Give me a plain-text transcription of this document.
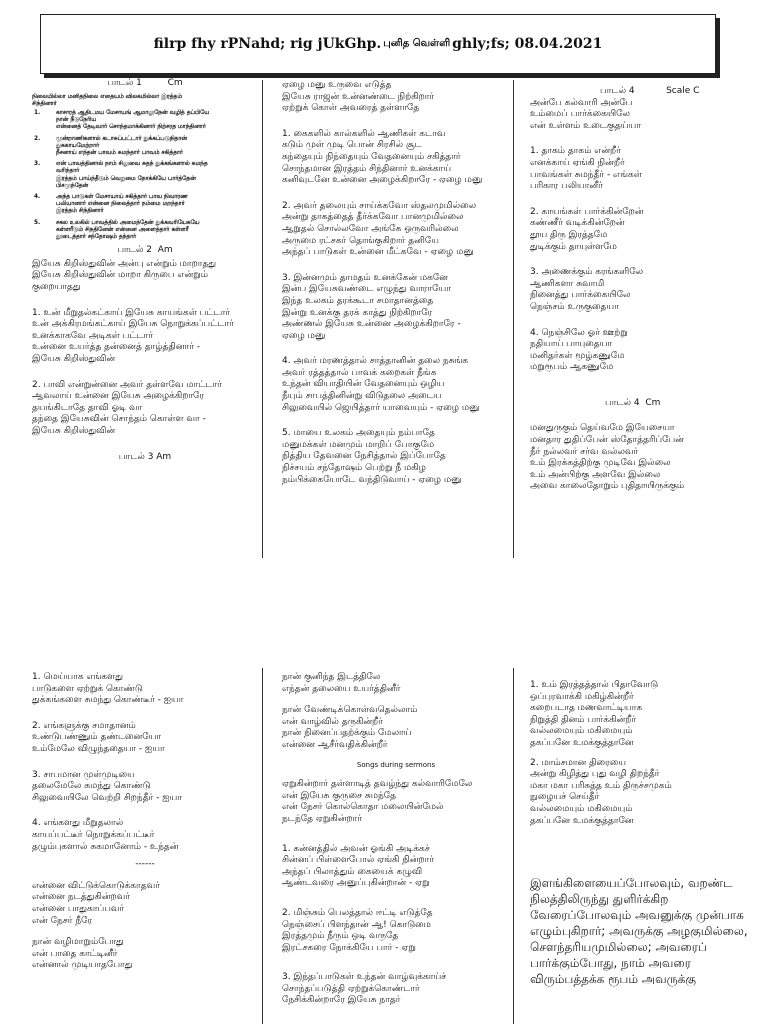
filrp fhy rPNahd; rig jUkGhp. புனித வெள்ளி ghly;fs; 08.04.2021
பாடல் 1         Cm
நிலையில்லா மனிதநிலை எதையம் விலகமில்லா இரத்தம்
சிந்தினார்
1.	காசாரத் ஆதிடமய மேசாயங் ஆமாலுநேன் வழித் தப்பியே
நான் நீடுநேரிய
என்னைத் தேடிவார் சொந்தமாக்கினார் நிற்சரத மாந்தினார்
2.	மூன்றாணிகளால் கடாசுப்பட்டார் துக்கப்படுநிதான்
துககாயமேற்றார்
நீசனாய் எந்தன் பாவம் சுமந்தார் பாவம் சகித்தார்
3.	என் பாவத்தினால் நாம் சிலுவை சுதந் துக்கங்களால் சுமந்த
வரிந்தார்
இரத்தம் பாய்ந்தீடும் வெறுமை நோக்கியே பார்த்தேன்
பிசமுந்தேன்
4.	அந்த பாடுகள் மேசாயாய் சகித்தார் பாவ நிவாரண
பலியானார் என்னை நிலைத்தார் நம்மை மறந்தார்
இரத்தம் சிந்தினார்
5.	சகல உலகில் பாவத்தில் அமைந்தேன் துக்கவரியேகயே
கள்ளரீடும் சிநதினேன் என்னை அளைத்தார் கள்ளரீ
தூடைத்தார் சந்தோஷம் தந்தார்
பாடல் 2  Am

இயேசு கிறிஸ்துவின் அன்பு என்றும் மாறாதது
இயேசு கிறிஸ்துவின் மாறா கிருபை என்றும்
குறையாதது

1. உன் மீறுதல்கட்காய் இயேசு காயங்கள் பட்டார்
உன் அக்கிரமங்கட்காய் இயேசு நொறுக்கப்பட்டார்
உனக்காகவே அடிகள் பட்டார்
உன்னை உயர்த்த தன்னைத் தாழ்த்தினார் -
இயேசு கிறிஸ்துவின்

2. பாவி என்றுன்னை அவர் தள்ளவே மாட்டார்
ஆவலாய் உன்னை இயேசு அழைக்கிறாரே
தயங்கிடாதே தாவி ஓடி வா
தந்தை இயேசுவின் சொந்தம் கொள்ள வா -
இயேசு கிறிஸ்துவின்

பாடல் 3 Am

ஏழை மனு உருவை எடுத்த
இயேசு ராஜன் உன்னண்டை நிற்கிறார்
ஏற்றுக் கொள் அவரைத் தள்ளாதே

1. கைகளில் கால்களில் ஆணிகள் கடாவ
கடும் முள் முடி பொன் சிரசில் சூட
கந்தையும் நிந்தையும் வேதனையும் சகித்தார்
சொந்தமான இரத்தம் சிந்தினார் உனக்காய்
கனிவுடனே உன்னை அழைக்கிறாரே - ஏழை மனு

2. அவர் தலையும் சாய்க்கவோ ஸ்தலமுமில்லை
அன்று தாகத்தைத் தீர்க்கவோ பானமுமில்லை
ஆறுதல் சொல்லவோ அங்கே ஒருவரில்லை
அருமை ரட்சகர் தொங்குகிறார் தனியே
அந்தப் பாடுகள் உன்னை மீட்கவே - ஏழை மனு

3. இன்னமும் தாமதம் உனக்கேன் மகனே
இன்ப இயேசுவண்டை எழுந்து வாராயோ
இந்த உலகம் தரக்கூடா சமாதானத்தை
இன்று உனக்கு தரக் காத்து நிற்கிறாரே
அண்ணல் இயேசு உன்னை அழைக்கிறாரே -
ஏழை மனு

4. அவர் மரணத்தால் சாத்தானின் தலை நசுங்க
அவர் ரத்தத்தால் பாவக் கறைகள் நீங்க
உந்தன் வியாதியின் வேதனையும் ஒழிய
நீயும் சாபத்தினின்று விடுதலை அடைய
சிலுவையில் ஜெயித்தார் யாவையும் - ஏழை மனு

5. மாயை உலகம் அதையும் நம்பாதே
மனுமக்கள் மனமும் மாறிப் போகுமே
நித்திய தேவனை நேசித்தால் இப்போதே
நிச்சயம் சந்தோஷம் பெற்று நீ மகிழ
நம்பிக்கையோடே வந்திடுவாய் - ஏழை மனு

பாடல் 4           Scale C

அன்பே கல்வாரி அன்பே
உம்மைப் பார்க்கையிலே
என் உள்ளம் உடைகுதய்யா

1. தாகம் தாகம் என்றீர்
எனக்காய் ஏங்கி நின்றீர்
பாவங்கள் சுமந்தீர் - எங்கள்
பரிகார பலியானீர்

2. காயங்கள் பார்க்கின்றேன்
கண்ணீர் வடிக்கின்றேன்
தூய திரு இரத்தமே
துடிக்கும் தாயுள்ளமே

3. அணைக்கும் கரங்களிலே
ஆணிகளா சுவாமி
நினைத்து பார்க்கையிலே
நெஞ்சம் உருகுதையா

4. நெஞ்சிலே ஓர் ஊற்று
நதியாய் பாயுதையா
மனிதர்கள் மூழ்கணுமே
மறுரூபம் ஆகணுமே

பாடல் 4  Cm

மனதுருகும் தெய்வமே இயேசையா
மனதார துதிப்பேன் ஸ்தோத்தரிப்பேன்
நீர் நல்லவர் சர்வ வல்லவர்
உம் இரக்கத்திற்கு முடிவே இல்லை
உம் அன்பிற்கு அளவே இல்லை
அவை காலைதோறும் புதிதாயிருக்கும்

1. மெய்யாக எங்களது
பாடுகளை ஏற்றுக் கொண்டு
துக்கங்களை சுமந்து கொண்டீர் - ஐயா

2. எங்களுக்கு சமாதானம்
உண்டுபண்ணும் தண்டனையோ
உம்மேலே விழுந்ததையா - ஐயா

3. சாபமான முள்முடியை
தலைமேலே சுமந்து கொண்டு
சிலுவையிலே வெற்றி சிறந்தீர் - ஐயா

4. எங்களது மீறுதலால்
காயப்பட்டீர் நொறுக்கப்பட்டீர்
தழும்புகளால் சுகமானோம் - உந்தன்

------

என்னை விட்டுக்கொடுக்காதவர்
என்னை நடத்துகின்றவர்
என்னை பாதுகாப்பவர்
என் நேசர் நீரே

நான் வழிமாறும்போது
என் பாதை காட்டினீர்
என்னால் முடியாதபோது

நான் குனிந்த இடத்திலே
எந்தன் தலையை உயர்த்தினீர்

நான் வேண்டிக்கொள்வதெல்லாம்
என் வாழ்வில் தருகின்றீர்
நான் நினைப்பதற்க்கும் மேலாய்
என்னை ஆசீர்வதிக்கின்றீர்

Songs during sermons

ஏறுகின்றார் தள்ளாடித் தவழ்ந்து கல்வாரிமேலே
என் இயேசு குருசை சுமந்தே
என் நேசர் கொல்கொதா மலையின்மேல்
நடந்தே ஏறுகின்றார்

1. கன்னத்தில் அவன் ஓங்கி அடிக்கச்
சின்னப் பிள்ளைபோல் ஏங்கி நின்றார்
அந்தப் பிலாத்தும் கையைக் கழுவி
ஆண்டவரை அனுப்புகின்றான் - ஏறு

2. மிஞ்சும் பெலத்தால் ஈட்டி எடுத்தே
நெஞ்சைப் பிளந்தான் ஆ! கொடுமை
இரத்தமும் நீரும் ஒடி வருதே
இரட்சகரை நோக்கியே பார் - ஏறு

3. இந்தப்பாடுகள் உந்தன் வாழ்வுக்காய்ச்
சொந்தப்படுத்தி ஏற்றுக்கொண்டார்
நேசிக்கின்றாரே இயேசு நாதர்

1. உம் இரத்தத்தால் பிதாவோடு
ஒப்புரவாக்கி மகிழ்கின்றீர்
கறைபடாத மணவாட்டியாக
நிறுத்தி தினம் பார்க்கின்றீர்
வல்லமையும் மகிமையும்
தகப்பனே உமக்குத்தானே

2. மாம்சமான திரையை
அன்று கிழித்து புது வழி திறந்தீர்
மகா மகா பரிசுத்த உம் திருச்சமுகம்
நுழையச் செய்தீர்
வல்லமையும் மகிமையும்
தகப்பனே உமக்குத்தானே

இளங்கிளையைப்போலவும், வறண்ட நிலத்திலிருந்து துளிர்க்கிற வேரைப்போலவும் அவனுக்கு முன்பாக எழும்புகிறார்; அவருக்கு அழகுமில்லை, சௌந்தரியமுமில்லை; அவரைப் பார்க்கும்போது, நாம் அவரை விரும்பத்தக்க ரூபம் அவருக்கு
